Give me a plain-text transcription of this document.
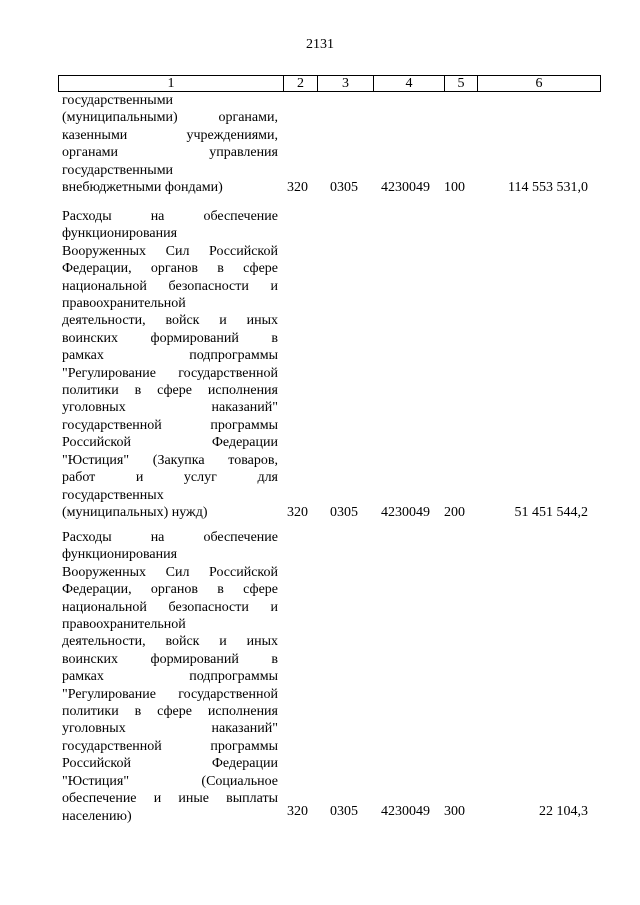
2131
1	2	3	4	5	6
государственными
(муниципальными) органами,
казенными учреждениями,
органами управления
государственными
внебюджетными фондами)	320 0305 4230049 100	114 553 531,0
Расходы на обеспечение
функционирования
Вооруженных Сил Российской
Федерации, органов в сфере
национальной безопасности и
правоохранительной
деятельности, войск и иных
воинских формирований в
рамках подпрограммы
"Регулирование государственной
политики в сфере исполнения
уголовных наказаний"
государственной программы
Российской Федерации
"Юстиция" (Закупка товаров,
работ и услуг для
государственных
(муниципальных) нужд)	320 0305 4230049 200	51 451 544,2
Расходы на обеспечение
функционирования
Вооруженных Сил Российской
Федерации, органов в сфере
национальной безопасности и
правоохранительной
деятельности, войск и иных
воинских формирований в
рамках подпрограммы
"Регулирование государственной
политики в сфере исполнения
уголовных наказаний"
государственной программы
Российской Федерации
"Юстиция" (Социальное
обеспечение и иные выплаты
населению)	320 0305 4230049 300	22 104,3
